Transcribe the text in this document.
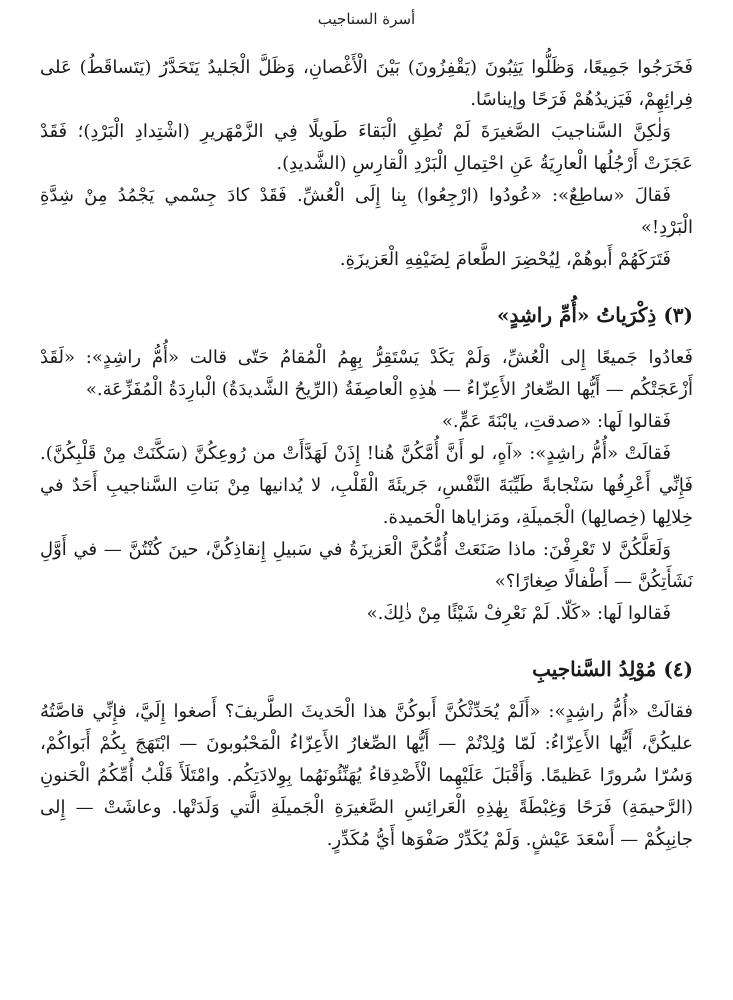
أسرة السناجيب

فَخَرَجُوا جَمِيعًا، وَظَلُّوا يَثِبُونَ (يَقْفِزُونَ) بَيْنَ الْأَغْصانِ، وَظَلَّ الْجَليدُ يَتَحَدَّرُ (يَتَساقَطُ) عَلى فِرائِهِمْ، فَيَزيدُهُمْ فَرَحًا وإيناسًا.

وَلٰكِنَّ السَّناجيبَ الصَّغيرَةَ لَمْ تُطِقِ الْبَقاءَ طَويلًا فِي الزَّمْهَريرِ (اشْتِدادِ الْبَرْدِ)؛ فَقَدْ عَجَزَتْ أَرْجُلُها الْعارِيَةُ عَنِ احْتِمالِ الْبَرْدِ الْقارِسِ (الشَّديدِ).

فَقالَ «ساطِعٌ»: «عُودُوا (ارْجِعُوا) بِنا إِلَى الْعُشِّ. فَقَدْ كادَ جِسْمي يَجْمُدُ مِنْ شِدَّةِ الْبَرْدِ!»

فَتَرَكَهُمْ أَبوهُمْ، لِيُحْضِرَ الطَّعامَ لِضَيْفِهِ الْعَزيزَةِ.

(٣) ذِكْرَياتُ «أُمِّ راشِدٍ»

فَعادُوا جَميعًا إِلى الْعُشِّ، وَلَمْ يَكَدْ يَسْتَقِرُّ بِهِمُ الْمُقامُ حَتّى قالت «أُمُّ راشِدٍ»: «لَقَدْ أَزْعَجَتْكُم — أَيُّها الصِّغارُ الأَعِزّاءُ — هٰذِهِ الْعاصِفَةُ (الرِّيحُ الشَّديدَةُ) الْبارِدَةُ الْمُفَزِّعَة.»

فَقالوا لَها: «صدقتِ، يابْنَةَ عَمٍّ.»

فَقالَتْ «أُمُّ راشِدٍ»: «آهٍ، لو أَنَّ أُمَّكُنَّ هُنا! إِذَنْ لَهَدَّأَتْ من رُوعِكُنَّ (سَكَّنَتْ مِنْ قَلْبِكُنَّ). فَإِنِّي أَعْرِفُها سَنْجابةً طَيِّبَةَ النَّفْسِ، جَريئَةَ الْقَلْبِ، لا يُدانيها مِنْ بَناتِ السَّناجيبِ أَحَدٌ في خِلالِها (خِصالِها) الْجَميلَةِ، ومَزاياها الْحَميدة.

وَلَعَلَّكُنَّ لا تَعْرِفْنَ: ماذا صَنَعَتْ أُمُّكُنَّ الْعَزيزَةُ في سَبيلِ إِنقاذِكُنَّ، حينَ كُنْتُنَّ — في أَوَّلِ نَشَأَتِكُنَّ — أَطْفالًا صِغارًا؟»

فَقالوا لَها: «كَلّا. لَمْ نَعْرِفْ شَيْئًا مِنْ ذٰلِكَ.»

(٤) مُوْلِدُ السَّناجيبِ

فقالَتْ «أُمُّ راشِدٍ»: «أَلَمْ يُحَدِّثْكُنَّ أَبوكُنَّ هذا الْحَديثَ الطَّريفَ؟ أَصغوا إِلَيَّ، فإِنِّي قاصَّتُهُ عليكُنَّ، أَيُّها الأَعِزّاءُ: لَمّا وُلِدْتُمْ — أَيُّها الصِّغارُ الأَعِزّاءُ الْمَحْبُوبونَ — ابْتَهَجَ بِكُمْ أَبَواكُمْ، وَسُرّا سُرورًا عَظيمًا. وَأَقْبَلَ عَلَيْهِما الْأَصْدِقاءُ يُهَنِّئُونَهُما بِوِلادَتِكُم. وامْتَلَأَ قَلْبُ أُمِّكُمُ الْحَنونِ (الرَّحيمَةِ) فَرَحًا وَغِبْطَةً بِهٰذِهِ الْعَرائِسِ الصَّغيرَةِ الْجَميلَةِ الَّتي وَلَدَتْها. وعاشَتْ — إِلى جانِبِكُمْ — أَسْعَدَ عَيْشٍ. وَلَمْ يُكَدِّرْ صَفْوَها أَيُّ مُكَدِّرٍ.
